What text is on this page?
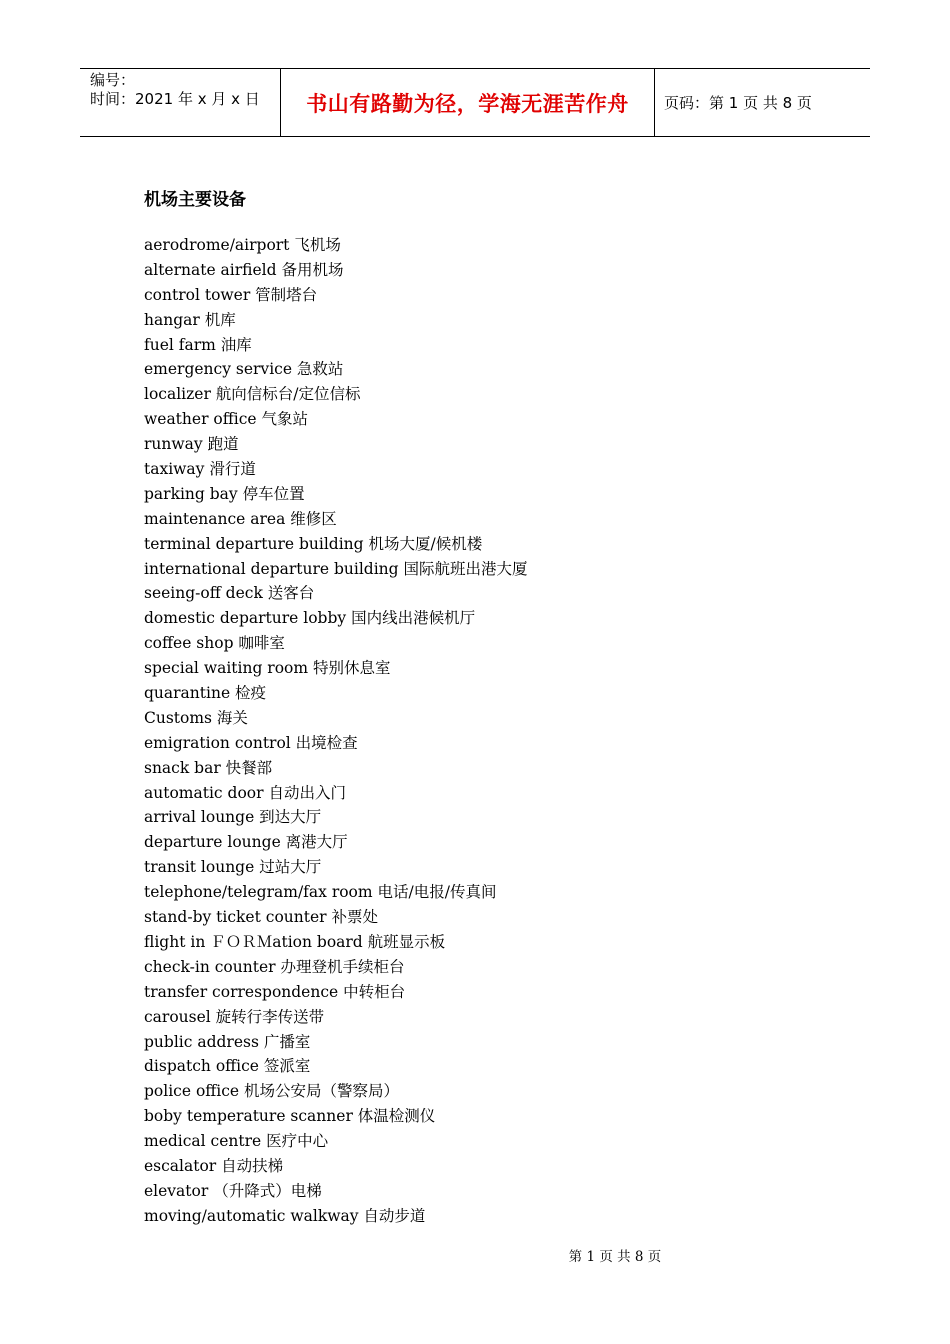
编号：
时间：2021 年 x 月 x 日	书山有路勤为径，学海无涯苦作舟	页码：第 1 页 共 8 页
机场主要设备
aerodrome/airport 飞机场
alternate airfield 备用机场
control tower 管制塔台
hangar 机库
fuel farm 油库
emergency service 急救站
localizer 航向信标台/定位信标
weather office 气象站
runway 跑道
taxiway 滑行道
parking bay 停车位置
maintenance area 维修区
terminal departure building 机场大厦/候机楼
international departure building 国际航班出港大厦
seeing-off deck 送客台
domestic departure lobby 国内线出港候机厅
coffee shop 咖啡室
special waiting room 特别休息室
quarantine 检疫
Customs 海关
emigration control 出境检查
snack bar 快餐部
automatic door 自动出入门
arrival lounge 到达大厅
departure lounge 离港大厅
transit lounge 过站大厅
telephone/telegram/fax room 电话/电报/传真间
stand-by ticket counter 补票处
flight in ＦＯＲＭation board 航班显示板
check-in counter 办理登机手续柜台
transfer correspondence 中转柜台
carousel 旋转行李传送带
public address 广播室
dispatch office 签派室
police office 机场公安局（警察局）
boby temperature scanner 体温检测仪
medical centre 医疗中心
escalator 自动扶梯
elevator （升降式）电梯
moving/automatic walkway 自动步道
第 1 页 共 8 页
